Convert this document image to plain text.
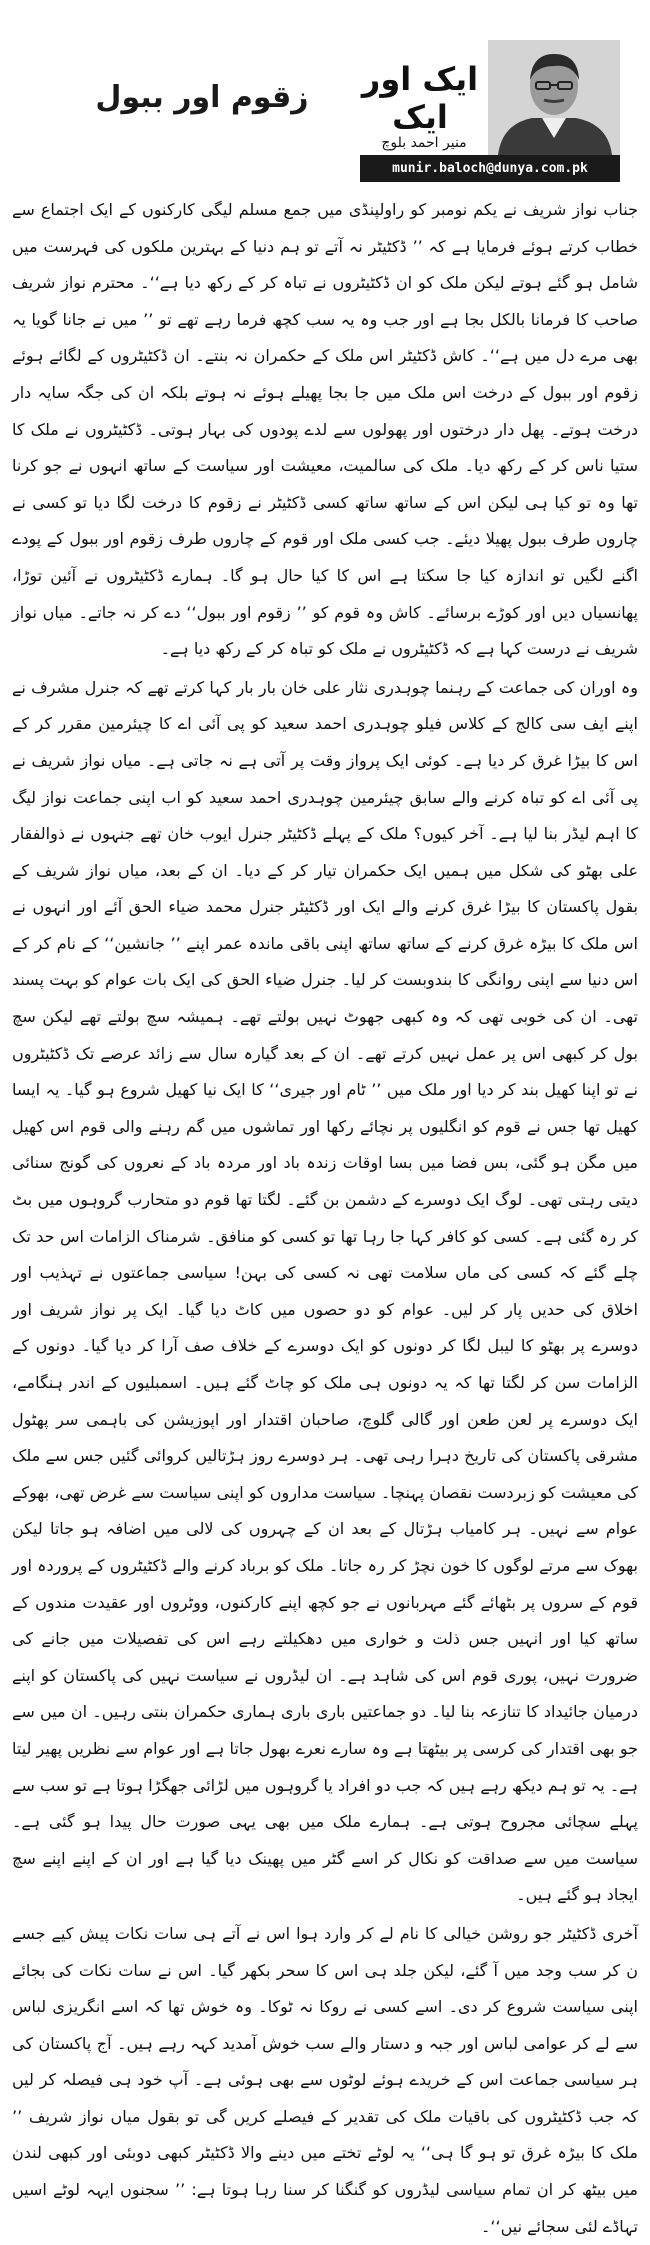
زقوم اور ببول ایک اور ایک
منیر احمد بلوچ
munir.baloch@dunya.com.pk

جناب نواز شریف نے یکم نومبر کو راولپنڈی میں جمع مسلم لیگی کارکنوں کے ایک اجتماع سے خطاب کرتے ہوئے فرمایا ہے کہ ’’ ڈکٹیٹر نہ آتے تو ہم دنیا کے بہترین ملکوں کی فہرست میں شامل ہو گئے ہوتے لیکن ملک کو ان ڈکٹیٹروں نے تباہ کر کے رکھ دیا ہے‘‘۔ محترم نواز شریف صاحب کا فرمانا بالکل بجا ہے اور جب وہ یہ سب کچھ فرما رہے تھے تو ’’ میں نے جانا گویا یہ بھی مرے دل میں ہے‘‘۔ کاش ڈکٹیٹر اس ملک کے حکمران نہ بنتے۔ ان ڈکٹیٹروں کے لگائے ہوئے زقوم اور ببول کے درخت اس ملک میں جا بجا پھیلے ہوئے نہ ہوتے بلکہ ان کی جگہ سایہ دار درخت ہوتے۔ پھل دار درختوں اور پھولوں سے لدے پودوں کی بہار ہوتی۔ ڈکٹیٹروں نے ملک کا ستیا ناس کر کے رکھ دیا۔ ملک کی سالمیت، معیشت اور سیاست کے ساتھ انہوں نے جو کرنا تھا وہ تو کیا ہی لیکن اس کے ساتھ ساتھ کسی ڈکٹیٹر نے زقوم کا درخت لگا دیا تو کسی نے چاروں طرف ببول پھیلا دیئے۔ جب کسی ملک اور قوم کے چاروں طرف زقوم اور ببول کے پودے اگنے لگیں تو اندازہ کیا جا سکتا ہے اس کا کیا حال ہو گا۔ ہمارے ڈکٹیٹروں نے آئین توڑا، پھانسیاں دیں اور کوڑے برسائے۔ کاش وہ قوم کو ’’ زقوم اور ببول‘‘ دے کر نہ جاتے۔ میاں نواز شریف نے درست کہا ہے کہ ڈکٹیٹروں نے ملک کو تباہ کر کے رکھ دیا ہے۔

وہ اوران کی جماعت کے رہنما چوہدری نثار علی خان بار بار کہا کرتے تھے کہ جنرل مشرف نے اپنے ایف سی کالج کے کلاس فیلو چوہدری احمد سعید کو پی آئی اے کا چیئرمین مقرر کر کے اس کا بیڑا غرق کر دیا ہے۔ کوئی ایک پرواز وقت پر آتی ہے نہ جاتی ہے۔ میاں نواز شریف نے پی آئی اے کو تباہ کرنے والے سابق چیئرمین چوہدری احمد سعید کو اب اپنی جماعت نواز لیگ کا اہم لیڈر بنا لیا ہے۔ آخر کیوں؟ ملک کے پہلے ڈکٹیٹر جنرل ایوب خان تھے جنہوں نے ذوالفقار علی بھٹو کی شکل میں ہمیں ایک حکمران تیار کر کے دیا۔ ان کے بعد، میاں نواز شریف کے بقول پاکستان کا بیڑا غرق کرنے والے ایک اور ڈکٹیٹر جنرل محمد ضیاء الحق آئے اور انہوں نے اس ملک کا بیڑہ غرق کرنے کے ساتھ ساتھ اپنی باقی ماندہ عمر اپنے ’’ جانشین‘‘ کے نام کر کے اس دنیا سے اپنی روانگی کا بندوبست کر لیا۔ جنرل ضیاء الحق کی ایک بات عوام کو بہت پسند تھی۔ ان کی خوبی تھی کہ وہ کبھی جھوٹ نہیں بولتے تھے۔ ہمیشہ سچ بولتے تھے لیکن سچ بول کر کبھی اس پر عمل نہیں کرتے تھے۔ ان کے بعد گیارہ سال سے زائد عرصے تک ڈکٹیٹروں نے تو اپنا کھیل بند کر دیا اور ملک میں ’’ ٹام اور جیری‘‘ کا ایک نیا کھیل شروع ہو گیا۔ یہ ایسا کھیل تھا جس نے قوم کو انگلیوں پر نچائے رکھا اور تماشوں میں گم رہنے والی قوم اس کھیل میں مگن ہو گئی، بس فضا میں بسا اوقات زندہ باد اور مردہ باد کے نعروں کی گونج سنائی دیتی رہتی تھی۔ لوگ ایک دوسرے کے دشمن بن گئے۔ لگتا تھا قوم دو متحارب گروہوں میں بٹ کر رہ گئی ہے۔ کسی کو کافر کہا جا رہا تھا تو کسی کو منافق۔ شرمناک الزامات اس حد تک چلے گئے کہ کسی کی ماں سلامت تھی نہ کسی کی بہن! سیاسی جماعتوں نے تہذیب اور اخلاق کی حدیں پار کر لیں۔ عوام کو دو حصوں میں کاٹ دیا گیا۔ ایک پر نواز شریف اور دوسرے پر بھٹو کا لیبل لگا کر دونوں کو ایک دوسرے کے خلاف صف آرا کر دیا گیا۔ دونوں کے الزامات سن کر لگتا تھا کہ یہ دونوں ہی ملک کو چاٹ گئے ہیں۔ اسمبلیوں کے اندر ہنگامے، ایک دوسرے پر لعن طعن اور گالی گلوچ، صاحبان اقتدار اور اپوزیشن کی باہمی سر پھٹول مشرقی پاکستان کی تاریخ دہرا رہی تھی۔ ہر دوسرے روز ہڑتالیں کروائی گئیں جس سے ملک کی معیشت کو زبردست نقصان پہنچا۔ سیاست مداروں کو اپنی سیاست سے غرض تھی، بھوکے عوام سے نہیں۔ ہر کامیاب ہڑتال کے بعد ان کے چہروں کی لالی میں اضافہ ہو جاتا لیکن بھوک سے مرتے لوگوں کا خون نچڑ کر رہ جاتا۔ ملک کو برباد کرنے والے ڈکٹیٹروں کے پروردہ اور قوم کے سروں پر بٹھائے گئے مہربانوں نے جو کچھ اپنے کارکنوں، ووٹروں اور عقیدت مندوں کے ساتھ کیا اور انہیں جس ذلت و خواری میں دھکیلتے رہے اس کی تفصیلات میں جانے کی ضرورت نہیں، پوری قوم اس کی شاہد ہے۔ ان لیڈروں نے سیاست نہیں کی پاکستان کو اپنے درمیان جائیداد کا تنازعہ بنا لیا۔ دو جماعتیں باری باری ہماری حکمران بنتی رہیں۔ ان میں سے جو بھی اقتدار کی کرسی پر بیٹھتا ہے وہ سارے نعرے بھول جاتا ہے اور عوام سے نظریں پھیر لیتا ہے۔ یہ تو ہم دیکھ رہے ہیں کہ جب دو افراد یا گروہوں میں لڑائی جھگڑا ہوتا ہے تو سب سے پہلے سچائی مجروح ہوتی ہے۔ ہمارے ملک میں بھی یہی صورت حال پیدا ہو گئی ہے۔ سیاست میں سے صداقت کو نکال کر اسے گٹر میں پھینک دیا گیا ہے اور ان کے اپنے اپنے سچ ایجاد ہو گئے ہیں۔

آخری ڈکٹیٹر جو روشن خیالی کا نام لے کر وارد ہوا اس نے آتے ہی سات نکات پیش کیے جسے ن کر سب وجد میں آ گئے، لیکن جلد ہی اس کا سحر بکھر گیا۔ اس نے سات نکات کی بجائے اپنی سیاست شروع کر دی۔ اسے کسی نے روکا نہ ٹوکا۔ وہ خوش تھا کہ اسے انگریزی لباس سے لے کر عوامی لباس اور جبہ و دستار والے سب خوش آمدید کہہ رہے ہیں۔ آج پاکستان کی ہر سیاسی جماعت اس کے خریدے ہوئے لوٹوں سے بھی ہوئی ہے۔ آپ خود ہی فیصلہ کر لیں کہ جب ڈکٹیٹروں کی باقیات ملک کی تقدیر کے فیصلے کریں گی تو بقول میاں نواز شریف ’’ ملک کا بیڑہ غرق تو ہو گا ہی‘‘ یہ لوٹے تختے میں دینے والا ڈکٹیٹر کبھی دوبئی اور کبھی لندن میں بیٹھ کر ان تمام سیاسی لیڈروں کو گنگنا کر سنا رہا ہوتا ہے: ’’ سجنوں ایہہ لوٹے اسیں تہاڈے لئی سجائے نیں‘‘۔
